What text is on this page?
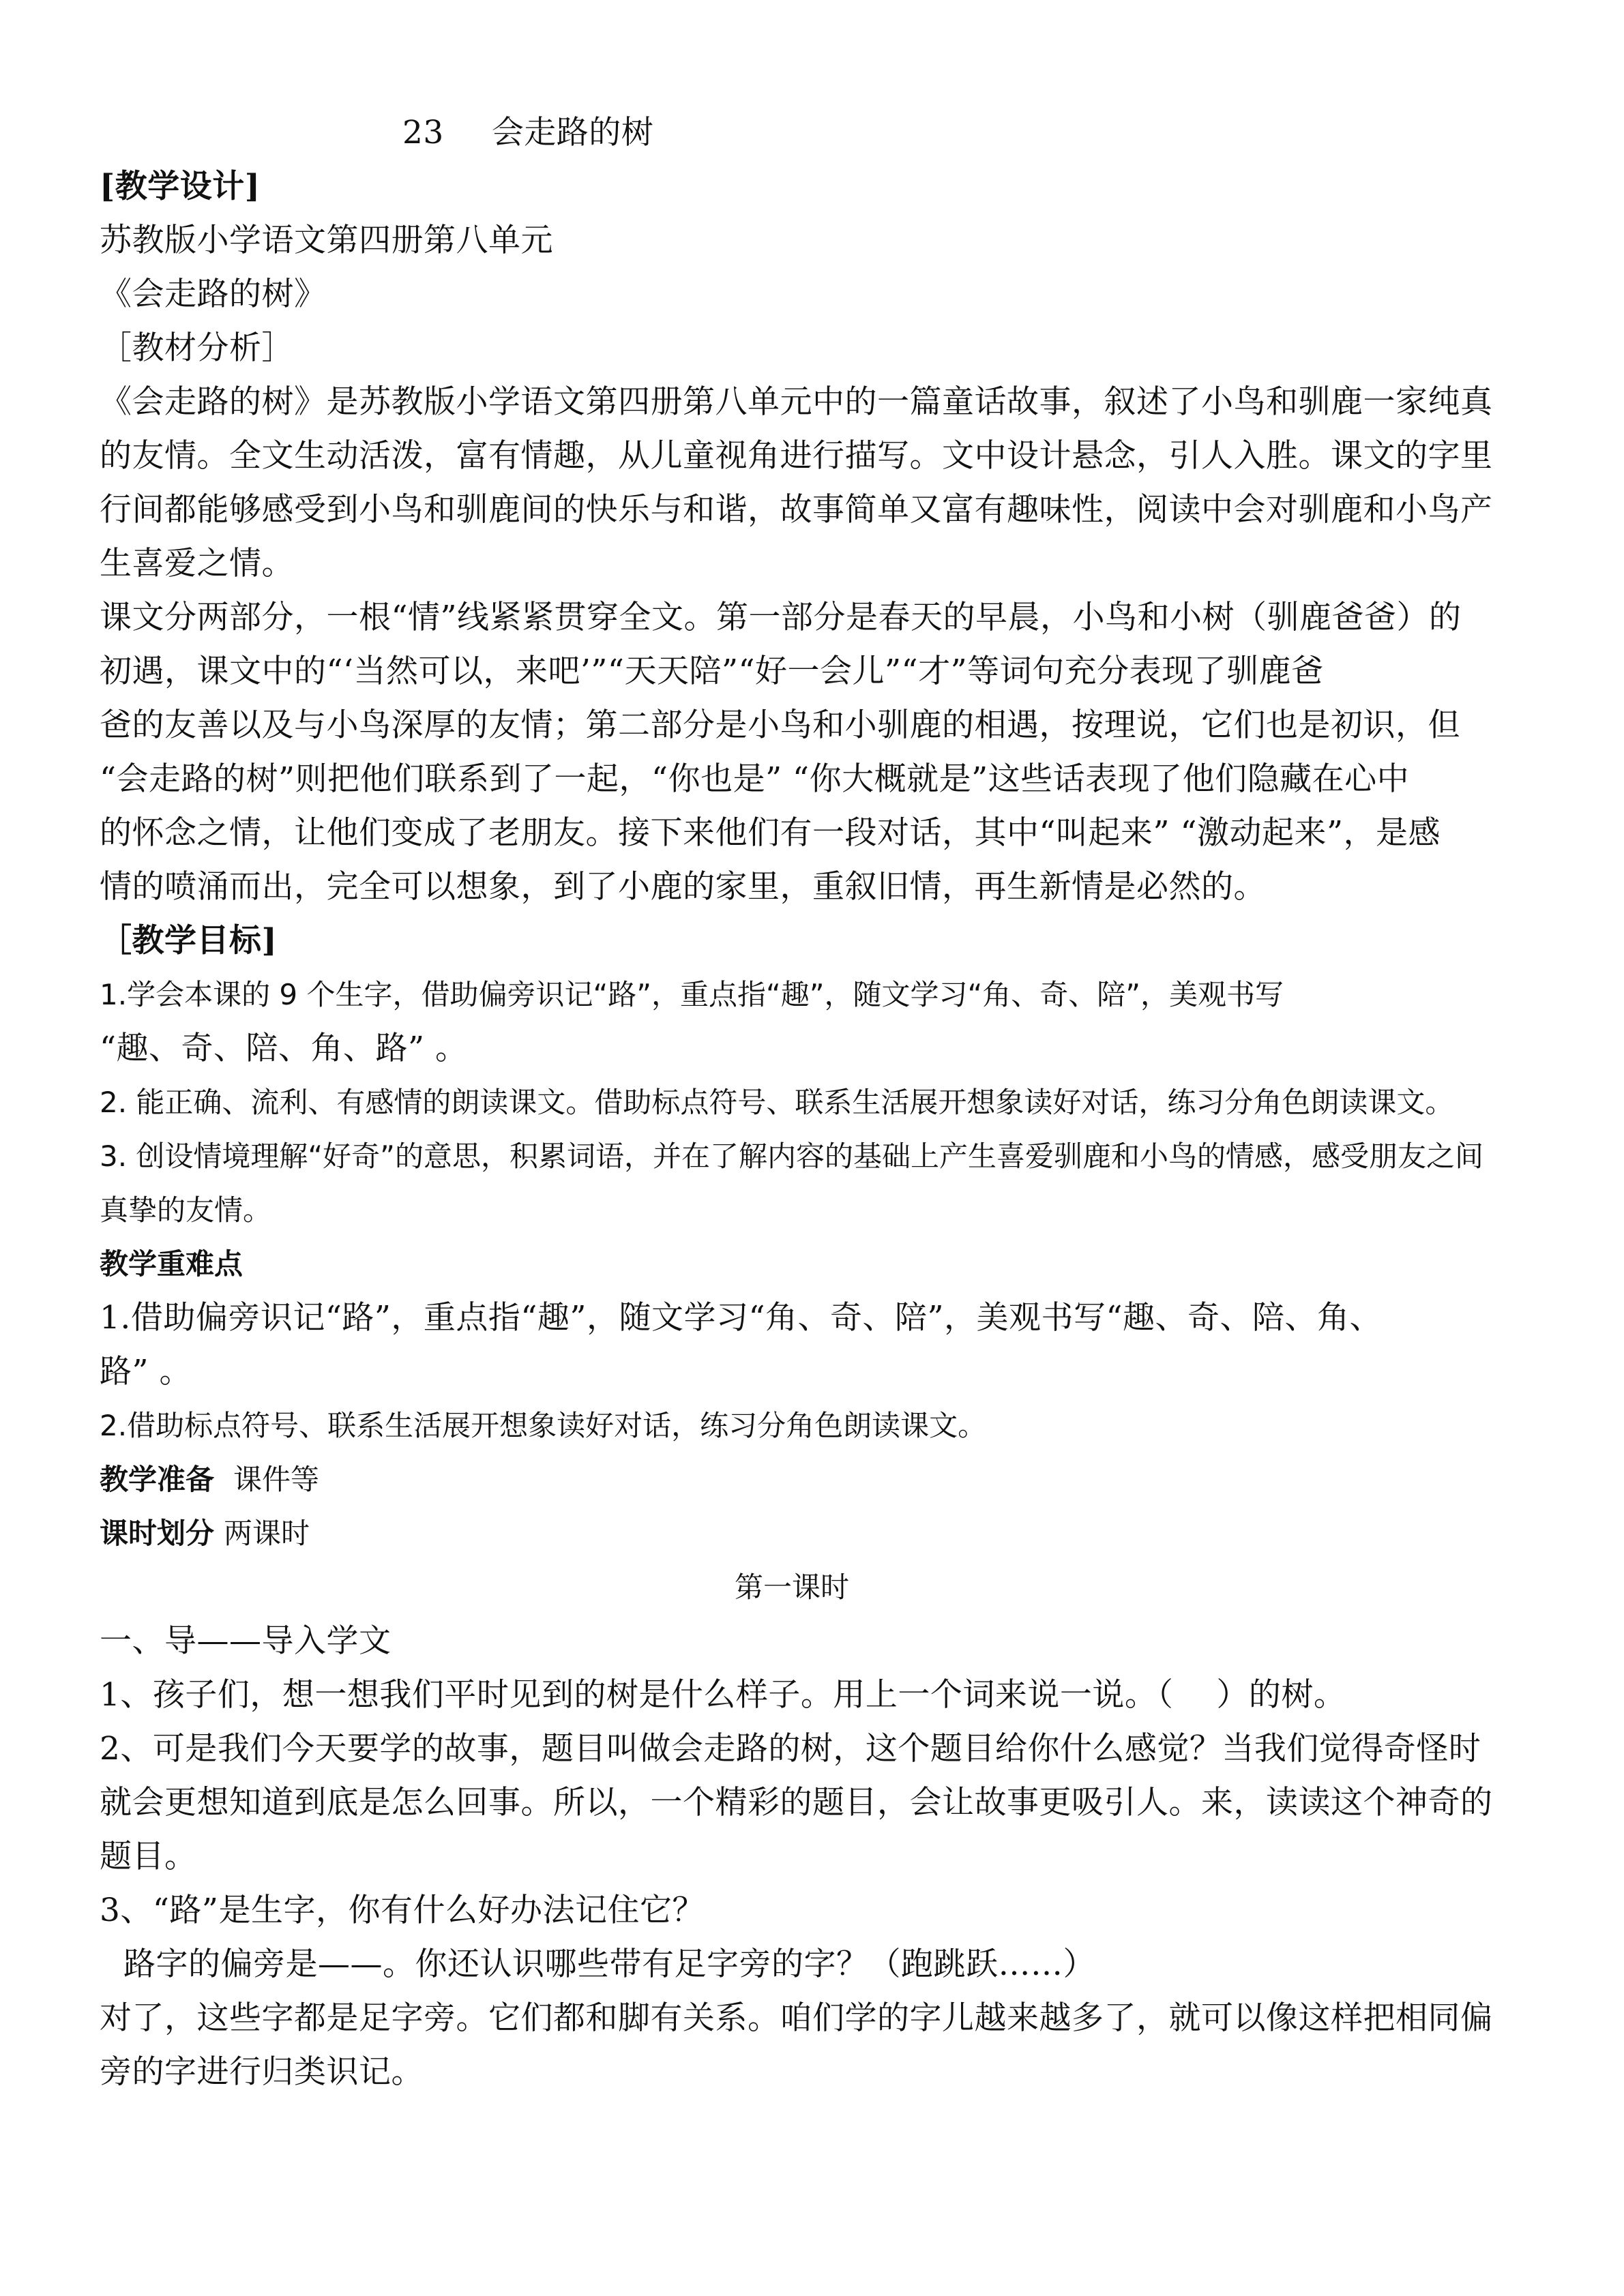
23 会走路的树
[教学设计]
苏教版小学语文第四册第八单元
《会走路的树》
［教材分析］
《会走路的树》是苏教版小学语文第四册第八单元中的一篇童话故事，叙述了小鸟和驯鹿一家纯真
的友情。全文生动活泼，富有情趣，从儿童视角进行描写。文中设计悬念，引人入胜。课文的字里
行间都能够感受到小鸟和驯鹿间的快乐与和谐，故事简单又富有趣味性，阅读中会对驯鹿和小鸟产
生喜爱之情。
课文分两部分，一根“情”线紧紧贯穿全文。第一部分是春天的早晨，小鸟和小树（驯鹿爸爸）的
初遇，课文中的“‘当然可以，来吧’”“天天陪”“好一会儿”“才”等词句充分表现了驯鹿爸
爸的友善以及与小鸟深厚的友情；第二部分是小鸟和小驯鹿的相遇，按理说，它们也是初识，但
“会走路的树”则把他们联系到了一起，“你也是” “你大概就是”这些话表现了他们隐藏在心中
的怀念之情，让他们变成了老朋友。接下来他们有一段对话，其中“叫起来” “激动起来”，是感
情的喷涌而出，完全可以想象，到了小鹿的家里，重叙旧情，再生新情是必然的。
［教学目标]
1.学会本课的 9 个生字，借助偏旁识记“路”，重点指“趣”，随文学习“角、奇、陪”，美观书写
“趣、奇、陪、角、路” 。
2. 能正确、流利、有感情的朗读课文。借助标点符号、联系生活展开想象读好对话，练习分角色朗读课文。
3. 创设情境理解“好奇”的意思，积累词语，并在了解内容的基础上产生喜爱驯鹿和小鸟的情感，感受朋友之间
真挚的友情。
教学重难点
1.借助偏旁识记“路”，重点指“趣”，随文学习“角、奇、陪”，美观书写“趣、奇、陪、角、
路” 。
2.借助标点符号、联系生活展开想象读好对话，练习分角色朗读课文。
教学准备 课件等
课时划分 两课时
第一课时
一、导——导入学文
1、孩子们，想一想我们平时见到的树是什么样子。用上一个词来说一说。（　 ）的树。
2、可是我们今天要学的故事，题目叫做会走路的树，这个题目给你什么感觉？当我们觉得奇怪时
就会更想知道到底是怎么回事。所以，一个精彩的题目，会让故事更吸引人。来，读读这个神奇的
题目。
3、“路”是生字，你有什么好办法记住它？
路字的偏旁是——。你还认识哪些带有足字旁的字？（跑跳跃……）
对了，这些字都是足字旁。它们都和脚有关系。咱们学的字儿越来越多了，就可以像这样把相同偏
旁的字进行归类识记。
